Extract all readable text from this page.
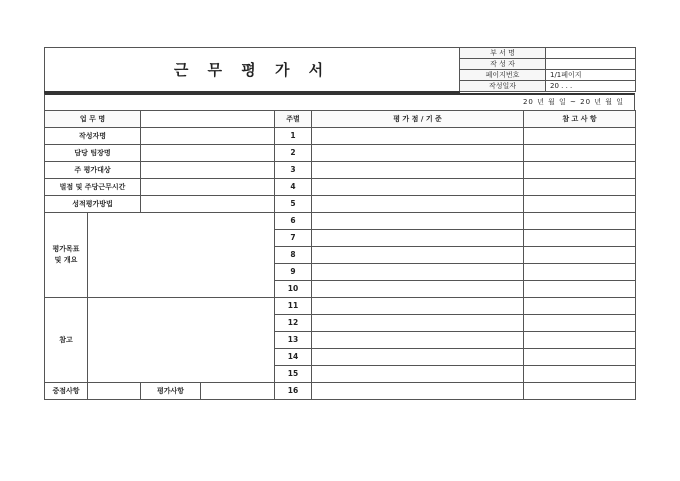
근 무 평 가 서	부 서 명	
	작 성 자	
	페이지번호	1/1페이지
	작성일자	20 . . .
20 년 월 일 ~ 20 년 월 일
업 무 명				주별	평 가 점 / 기 준	참 고 사 항
작성자명				1		
담당 팀장명				2		
주 평가대상				3		
벌점 및 주당근무시간				4		
성적평가방법				5		
평가목표
및 개요				6		
				7		
				8		
				9		
				10		
참고				11		
				12		
				13		
				14		
				15		
중점사항		평가사항		16		
